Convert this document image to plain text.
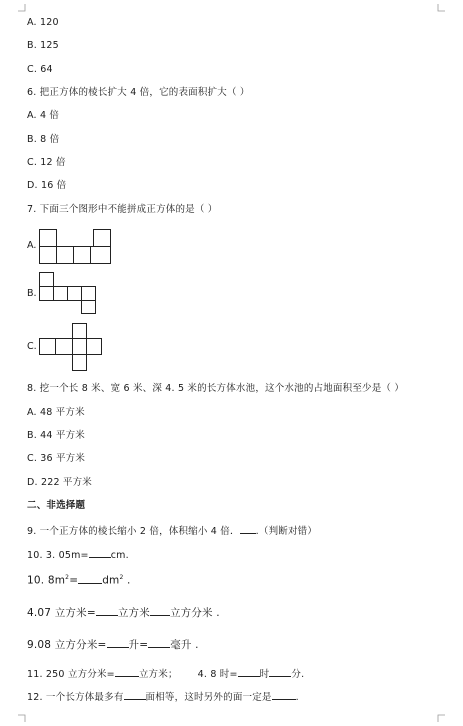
A. 120
B. 125
C. 64
6. 把正方体的棱长扩大 4 倍，它的表面积扩大（ ）
A. 4 倍
B. 8 倍
C. 12 倍
D. 16 倍
7. 下面三个图形中不能拼成正方体的是（ ）
A.
B.
C.
8. 挖一个长 8 米、宽 6 米、深 4. 5 米的长方体水池，这个水池的占地面积至少是（ ）
A. 48 平方米
B. 44 平方米
C. 36 平方米
D. 222 平方米
二、非选择题
9. 一个正方体的棱长缩小 2 倍，体积缩小 4 倍． .（判断对错）
10. 3. 05m= cm.
10. $8m^2= dm^2$ .
4.07 立方米= 立方米 立方分米 .
9.08 立方分米= 升= 毫升 .
11. 250 立方分米=	立方米； 4. 8 时= 时 分.
12. 一个长方体最多有 面相等，这时另外的面一定是	.
